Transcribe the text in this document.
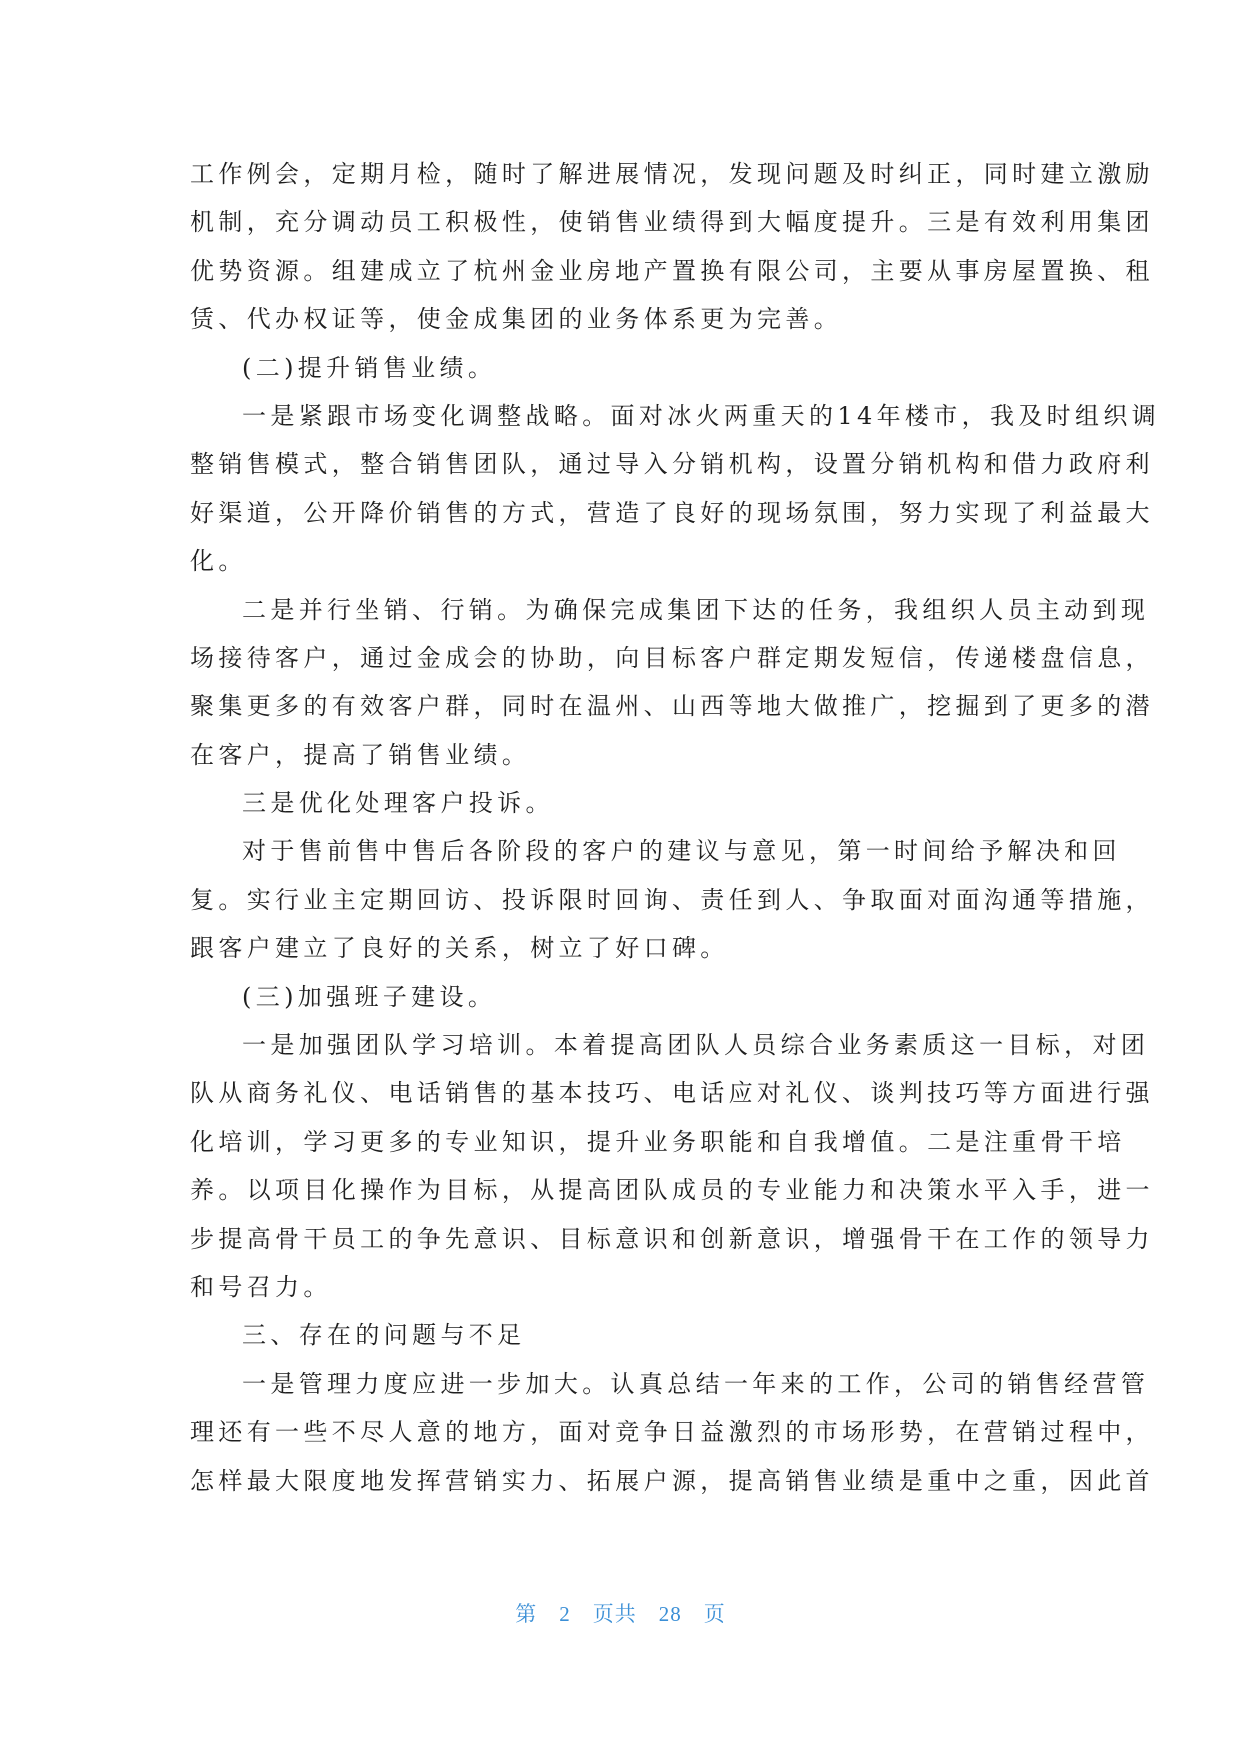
工作例会，定期月检，随时了解进展情况，发现问题及时纠正，同时建立激励
机制，充分调动员工积极性，使销售业绩得到大幅度提升。三是有效利用集团
优势资源。组建成立了杭州金业房地产置换有限公司，主要从事房屋置换、租
赁、代办权证等，使金成集团的业务体系更为完善。
(二)提升销售业绩。
一是紧跟市场变化调整战略。面对冰火两重天的14年楼市，我及时组织调
整销售模式，整合销售团队，通过导入分销机构，设置分销机构和借力政府利
好渠道，公开降价销售的方式，营造了良好的现场氛围，努力实现了利益最大
化。
二是并行坐销、行销。为确保完成集团下达的任务，我组织人员主动到现
场接待客户，通过金成会的协助，向目标客户群定期发短信，传递楼盘信息，
聚集更多的有效客户群，同时在温州、山西等地大做推广，挖掘到了更多的潜
在客户，提高了销售业绩。
三是优化处理客户投诉。
对于售前售中售后各阶段的客户的建议与意见，第一时间给予解决和回
复。实行业主定期回访、投诉限时回询、责任到人、争取面对面沟通等措施，
跟客户建立了良好的关系，树立了好口碑。
(三)加强班子建设。
一是加强团队学习培训。本着提高团队人员综合业务素质这一目标，对团
队从商务礼仪、电话销售的基本技巧、电话应对礼仪、谈判技巧等方面进行强
化培训，学习更多的专业知识，提升业务职能和自我增值。二是注重骨干培
养。以项目化操作为目标，从提高团队成员的专业能力和决策水平入手，进一
步提高骨干员工的争先意识、目标意识和创新意识，增强骨干在工作的领导力
和号召力。
三、存在的问题与不足
一是管理力度应进一步加大。认真总结一年来的工作，公司的销售经营管
理还有一些不尽人意的地方，面对竞争日益激烈的市场形势，在营销过程中，
怎样最大限度地发挥营销实力、拓展户源，提高销售业绩是重中之重，因此首
第 2 页共 28 页
